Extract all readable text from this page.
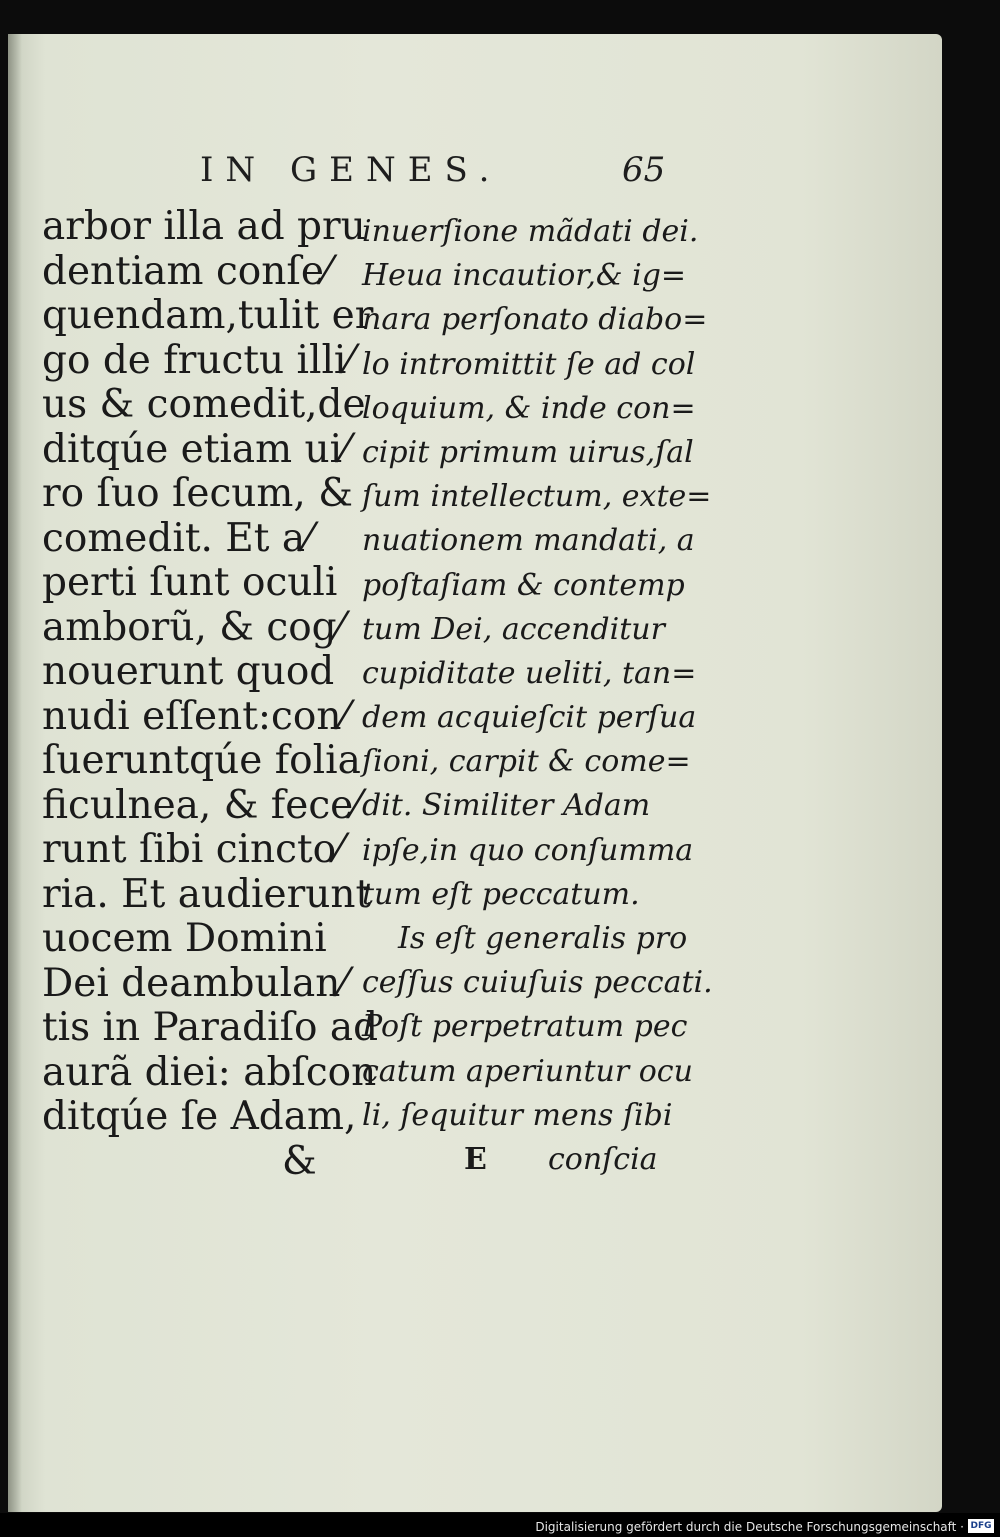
IN GENES.	65
arbor illa ad pru
dentiam conſe⁄
quendam,tulit er
go de fructu illi⁄
us & comedit,de
ditqúe etiam ui⁄
ro ſuo ſecum, &
comedit. Et a⁄
perti ſunt oculi
amborũ, & cog⁄
nouerunt quod
nudi eſſent:con⁄
ſueruntqúe folia
ficulnea, & fece⁄
runt ſibi cincto⁄
ria. Et audierunt
uocem Domini
Dei deambulan⁄
tis in Paradiſo ad
aurã diei: abſcon
ditqúe ſe Adam,
&
inuerſione mãdati dei.
Heua incautior,& ig=
nara perſonato diabo=
lo intromittit ſe ad col
loquium, & inde con=
cipit primum uirus,ſal
ſum intellectum, exte=
nuationem mandati, a
poſtaſiam & contemp
tum Dei, accenditur
cupiditate ueliti, tan=
dem acquieſcit perſua
ſioni, carpit & come=
dit. Similiter Adam
ipſe,in quo conſumma
tum eſt peccatum.
Is eſt generalis pro
ceſſus cuiuſuis peccati.
Poſt perpetratum pec
catum aperiuntur ocu
li, ſequitur mens ſibi
E conſcia
Digitalisierung gefördert durch die Deutsche Forschungsgemeinschaft · DFG
